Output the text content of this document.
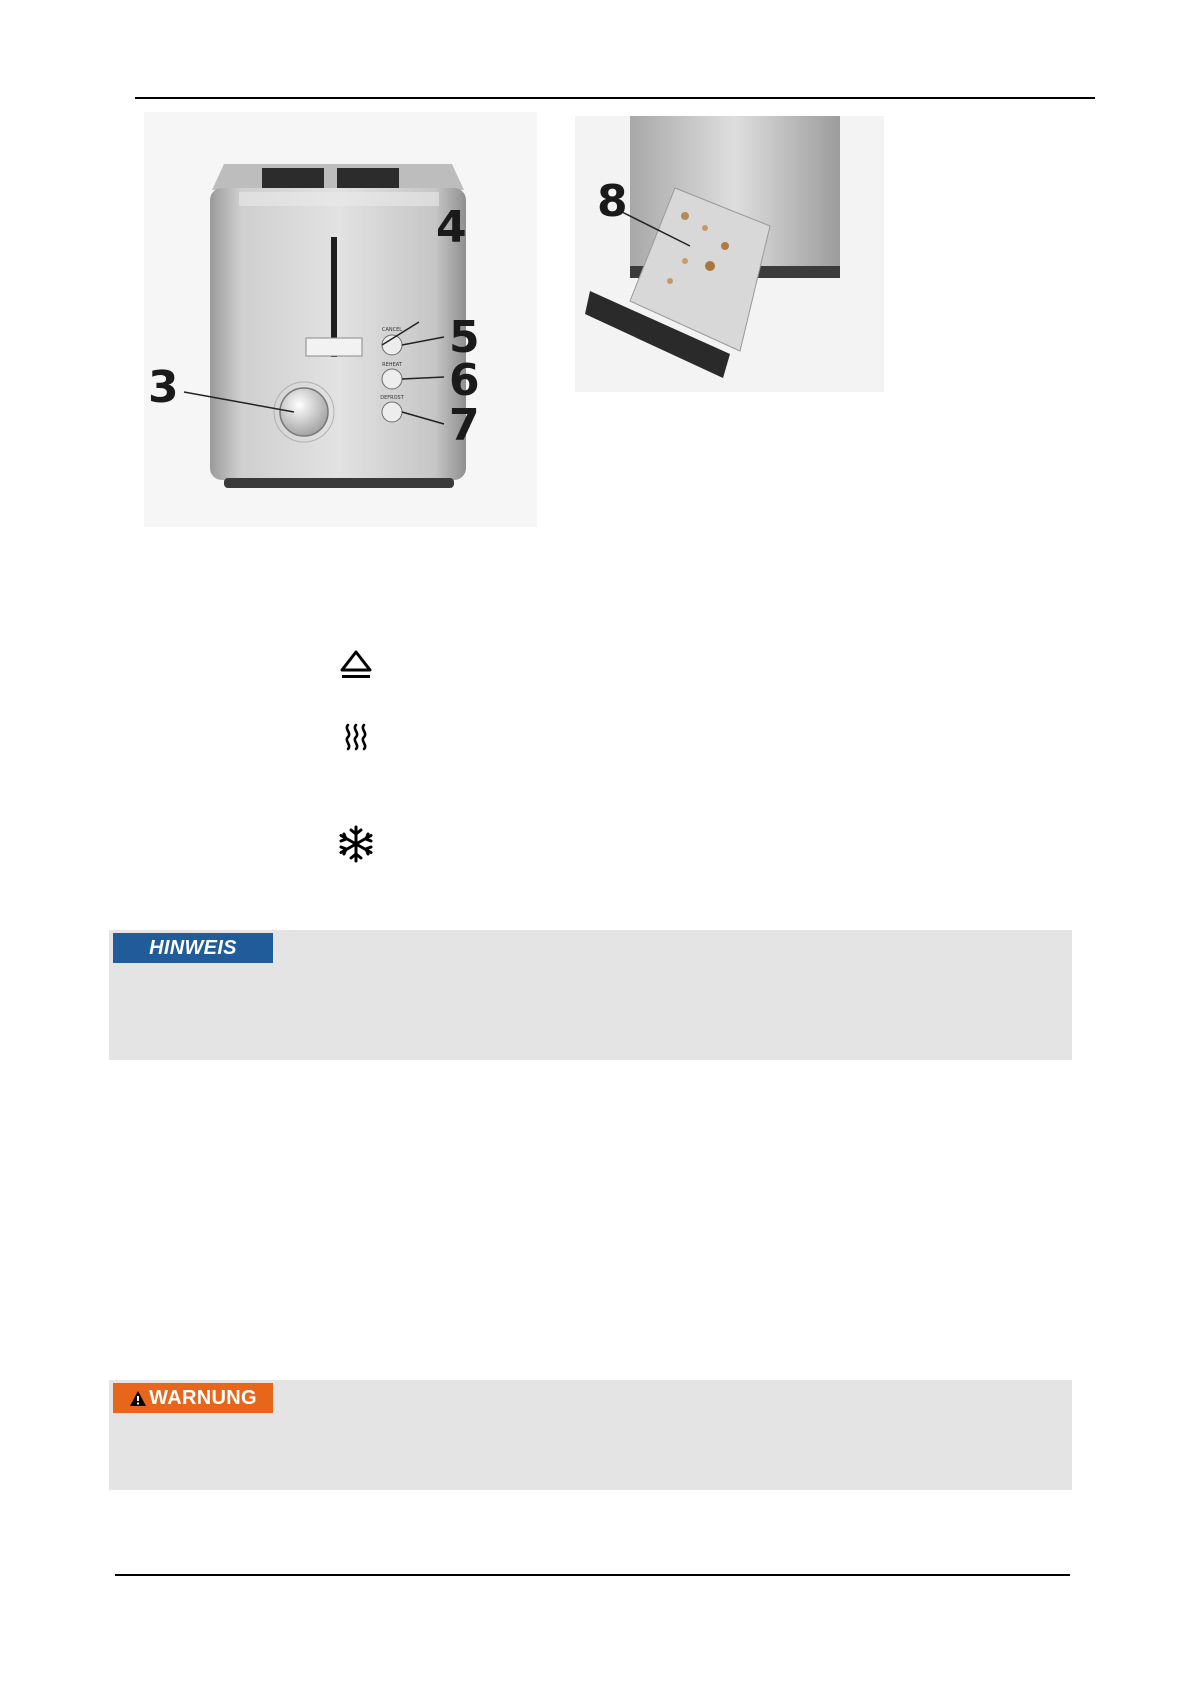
CANCEL
REHEAT
DEFROST
3
4
5
6
7
8
HINWEIS
WARNUNG
